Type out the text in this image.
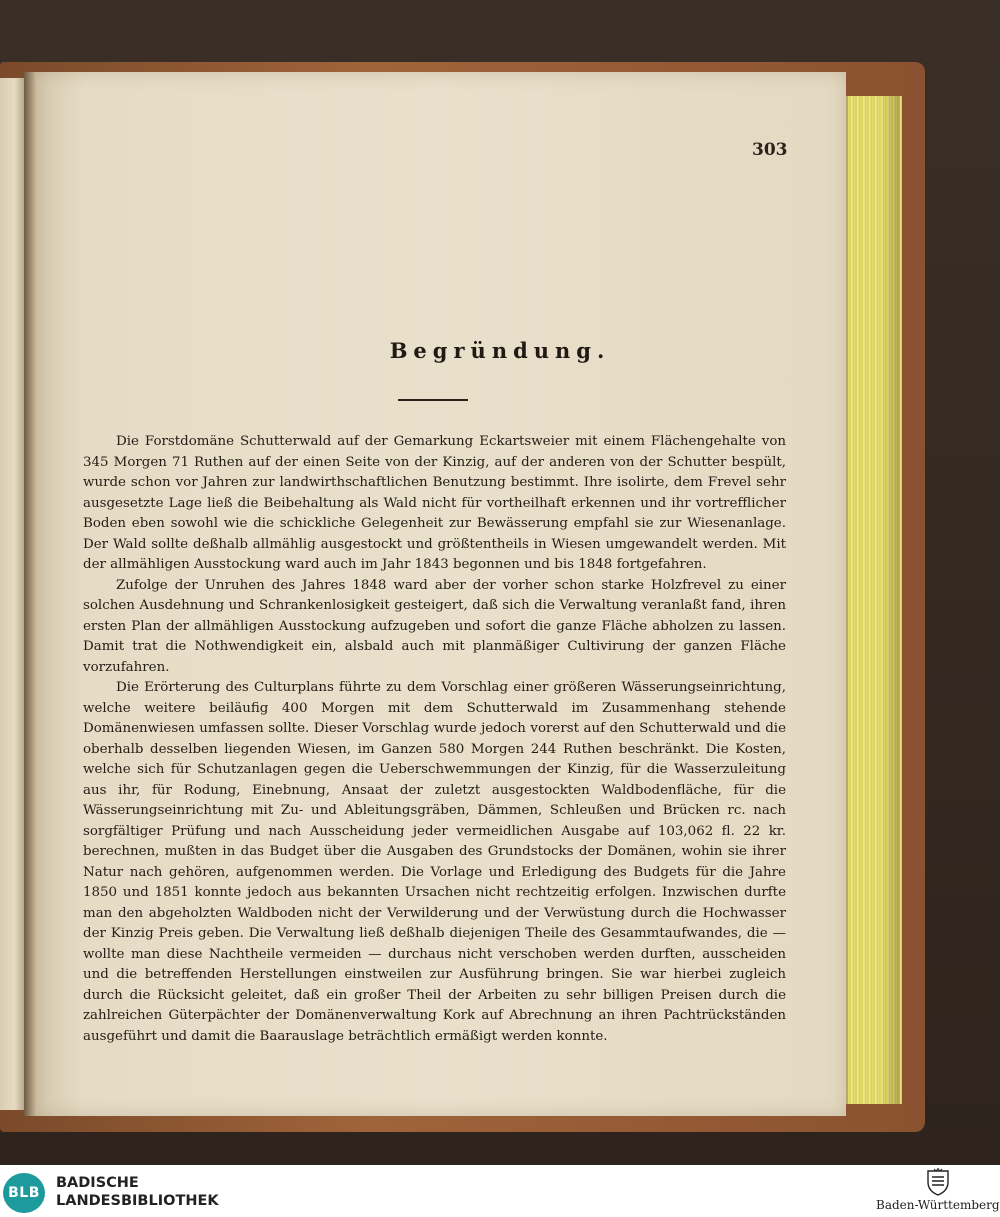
303
Begründung.

Die Forstdomäne Schutterwald auf der Gemarkung Eckartsweier mit einem Flächengehalte von 345 Morgen 71 Ruthen auf der einen Seite von der Kinzig, auf der anderen von der Schutter bespült, wurde schon vor Jahren zur landwirthschaftlichen Benutzung bestimmt. Ihre isolirte, dem Frevel sehr ausgesetzte Lage ließ die Beibehaltung als Wald nicht für vortheilhaft erkennen und ihr vortrefflicher Boden eben sowohl wie die schickliche Gelegenheit zur Bewässerung empfahl sie zur Wiesenanlage. Der Wald sollte deßhalb allmählig ausgestockt und größtentheils in Wiesen umgewandelt werden. Mit der allmähligen Ausstockung ward auch im Jahr 1843 begonnen und bis 1848 fortgefahren.

Zufolge der Unruhen des Jahres 1848 ward aber der vorher schon starke Holzfrevel zu einer solchen Ausdehnung und Schrankenlosigkeit gesteigert, daß sich die Verwaltung veranlaßt fand, ihren ersten Plan der allmähligen Ausstockung aufzugeben und sofort die ganze Fläche abholzen zu lassen. Damit trat die Nothwendigkeit ein, alsbald auch mit planmäßiger Cultivirung der ganzen Fläche vorzufahren.

Die Erörterung des Culturplans führte zu dem Vorschlag einer größeren Wässerungseinrichtung, welche weitere beiläufig 400 Morgen mit dem Schutterwald im Zusammenhang stehende Domänenwiesen umfassen sollte. Dieser Vorschlag wurde jedoch vorerst auf den Schutterwald und die oberhalb desselben liegenden Wiesen, im Ganzen 580 Morgen 244 Ruthen beschränkt. Die Kosten, welche sich für Schutzanlagen gegen die Ueberschwemmungen der Kinzig, für die Wasserzuleitung aus ihr, für Rodung, Einebnung, Ansaat der zuletzt ausgestockten Waldbodenfläche, für die Wässerungseinrichtung mit Zu- und Ableitungsgräben, Dämmen, Schleußen und Brücken rc. nach sorgfältiger Prüfung und nach Ausscheidung jeder vermeidlichen Ausgabe auf 103,062 fl. 22 kr. berechnen, mußten in das Budget über die Ausgaben des Grundstocks der Domänen, wohin sie ihrer Natur nach gehören, aufgenommen werden. Die Vorlage und Erledigung des Budgets für die Jahre 1850 und 1851 konnte jedoch aus bekannten Ursachen nicht rechtzeitig erfolgen. Inzwischen durfte man den abgeholzten Waldboden nicht der Verwilderung und der Verwüstung durch die Hochwasser der Kinzig Preis geben. Die Verwaltung ließ deßhalb diejenigen Theile des Gesammtaufwandes, die — wollte man diese Nachtheile vermeiden — durchaus nicht verschoben werden durften, ausscheiden und die betreffenden Herstellungen einstweilen zur Ausführung bringen. Sie war hierbei zugleich durch die Rücksicht geleitet, daß ein großer Theil der Arbeiten zu sehr billigen Preisen durch die zahlreichen Güterpächter der Domänenverwaltung Kork auf Abrechnung an ihren Pachtrückständen ausgeführt und damit die Baarauslage beträchtlich ermäßigt werden konnte.

BLB
BADISCHE
LANDESBIBLIOTHEK	Baden-Württemberg
